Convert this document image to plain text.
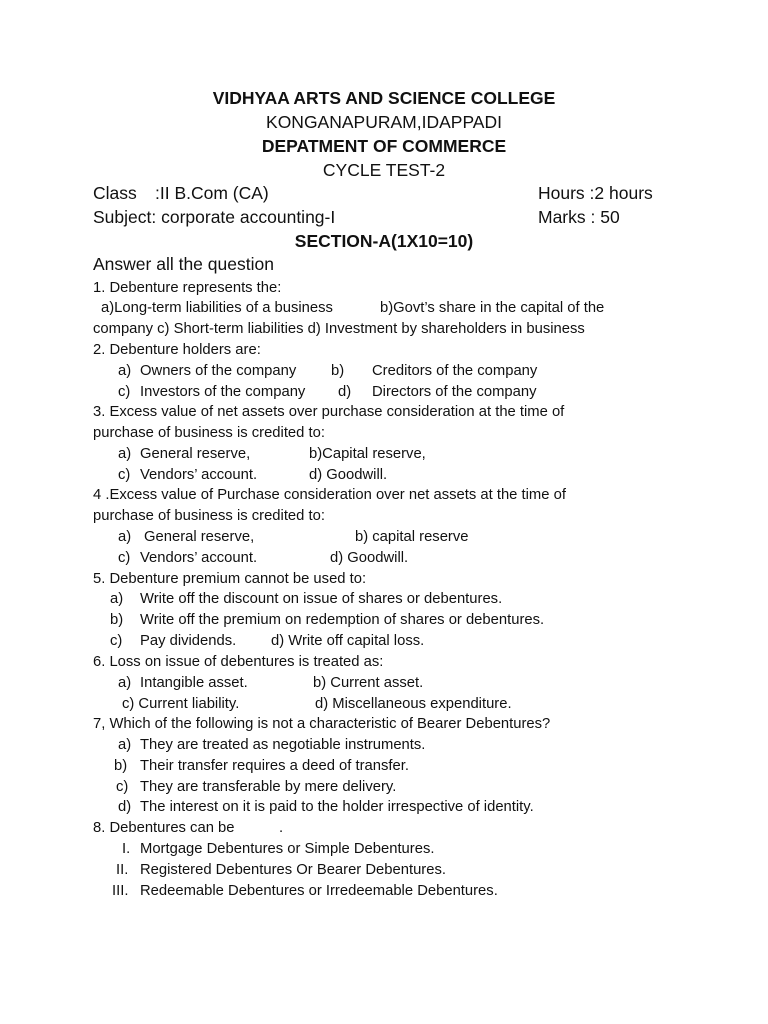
VIDHYAA ARTS AND SCIENCE COLLEGE
KONGANAPURAM,IDAPPADI
DEPATMENT OF COMMERCE
CYCLE TEST-2
Class :II B.Com (CA)	Hours :2 hours
Subject: corporate accounting-I	Marks : 50
SECTION-A(1X10=10)
Answer all the question
1. Debenture represents the:
a)Long-term liabilities of a business	b)Govt’s share in the capital of the
company c) Short-term liabilities d) Investment by shareholders in business
2. Debenture holders are:
a) Owners of the company b) Creditors of the company
c) Investors of the company d) Directors of the company
3. Excess value of net assets over purchase consideration at the time of
purchase of business is credited to:
a) General reserve,	b)Capital reserve,
c) Vendors’ account.	d) Goodwill.
4 .Excess value of Purchase consideration over net assets at the time of
purchase of business is credited to:
a) General reserve,	b) capital reserve
c) Vendors’ account.	d) Goodwill.
5. Debenture premium cannot be used to:
a) Write off the discount on issue of shares or debentures.
b) Write off the premium on redemption of shares or debentures.
c) Pay dividends. d) Write off capital loss.
6. Loss on issue of debentures is treated as:
a) Intangible asset.	b) Current asset.
c) Current liability.	d) Miscellaneous expenditure.
7, Which of the following is not a characteristic of Bearer Debentures?
a) They are treated as negotiable instruments.
b) Their transfer requires a deed of transfer.
c) They are transferable by mere delivery.
d) The interest on it is paid to the holder irrespective of identity.
8. Debentures can be	.
I. Mortgage Debentures or Simple Debentures.
II. Registered Debentures Or Bearer Debentures.
III. Redeemable Debentures or Irredeemable Debentures.
